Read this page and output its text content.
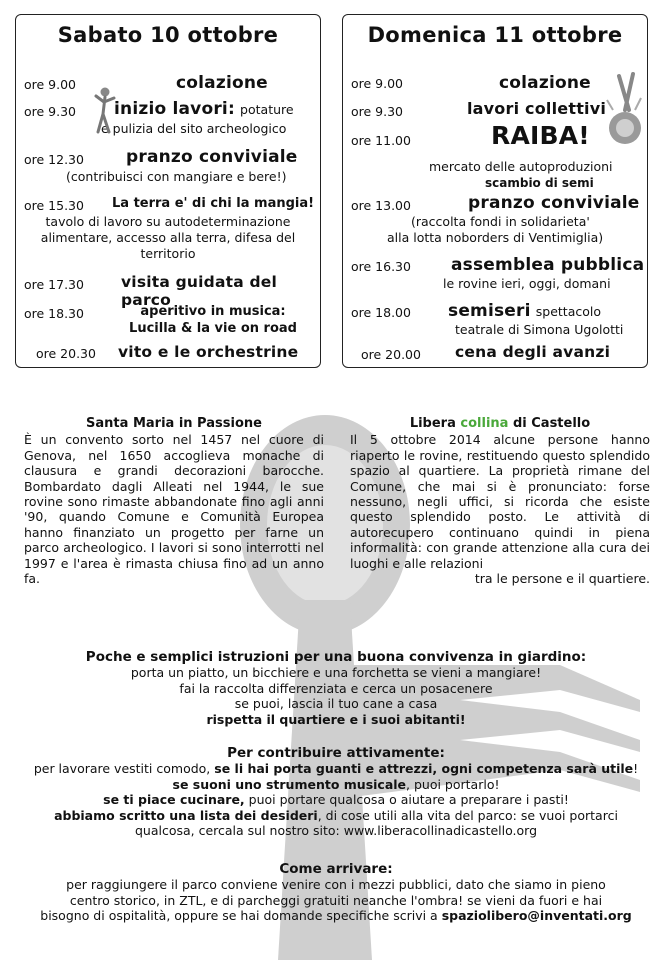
Sabato 10 ottobre
ore 9.00	colazione
ore 9.30 inizio lavori: potature
e pulizia del sito archeologico
ore 12.30 pranzo conviviale
(contribuisci con mangiare e bere!)
ore 15.30 La terra e' di chi la mangia!
tavolo di lavoro su autodeterminazione
alimentare, accesso alla terra, difesa del
territorio
ore 17.30 visita guidata del parco
ore 18.30	aperitivo in musica:
Lucilla & la vie on road
ore 20.30 vito e le orchestrine
Domenica 11 ottobre
ore 9.00	colazione
ore 9.30	lavori collettivi
ore 11.00	RAIBA!
mercato delle autoproduzioni
scambio di semi
ore 13.00	pranzo conviviale
(raccolta fondi in solidarieta'
alla lotta noborders di Ventimiglia)
ore 16.30 assemblea pubblica
le rovine ieri, oggi, domani
ore 18.00 semiseri spettacolo
teatrale di Simona Ugolotti
ore 20.00 cena degli avanzi
Santa Maria in Passione
È un convento sorto nel 1457 nel cuore di Genova, nel 1650 accoglieva monache di clausura e grandi decorazioni barocche. Bombardato dagli Alleati nel 1944, le sue rovine sono rimaste abbandonate fino agli anni '90, quando Comune e Comunità Europea hanno finanziato un progetto per farne un parco archeologico. I lavori si sono interrotti nel 1997 e l'area è rimasta chiusa fino ad un anno fa.
Libera collina di Castello
Il 5 ottobre 2014 alcune persone hanno riaperto le rovine, restituendo questo splendido spazio al quartiere. La proprietà rimane del Comune, che mai si è pronunciato: forse nessuno, negli uffici, si ricorda che esiste questo splendido posto. Le attività di autorecupero continuano quindi in piena informalità: con grande attenzione alla cura dei luoghi e alle relazioni
tra le persone e il quartiere.
Poche e semplici istruzioni per una buona convivenza in giardino:
porta un piatto, un bicchiere e una forchetta se vieni a mangiare!
fai la raccolta differenziata e cerca un posacenere
se puoi, lascia il tuo cane a casa
rispetta il quartiere e i suoi abitanti!
Per contribuire attivamente:
per lavorare vestiti comodo, se li hai porta guanti e attrezzi, ogni competenza sarà utile!
se suoni uno strumento musicale, puoi portarlo!
se ti piace cucinare, puoi portare qualcosa o aiutare a preparare i pasti!
abbiamo scritto una lista dei desideri, di cose utili alla vita del parco: se vuoi portarci
qualcosa, cercala sul nostro sito: www.liberacollinadicastello.org
Come arrivare:
per raggiungere il parco conviene venire con i mezzi pubblici, dato che siamo in pieno
centro storico, in ZTL, e di parcheggi gratuiti neanche l'ombra! se vieni da fuori e hai
bisogno di ospitalità, oppure se hai domande specifiche scrivi a spaziolibero@inventati.org
